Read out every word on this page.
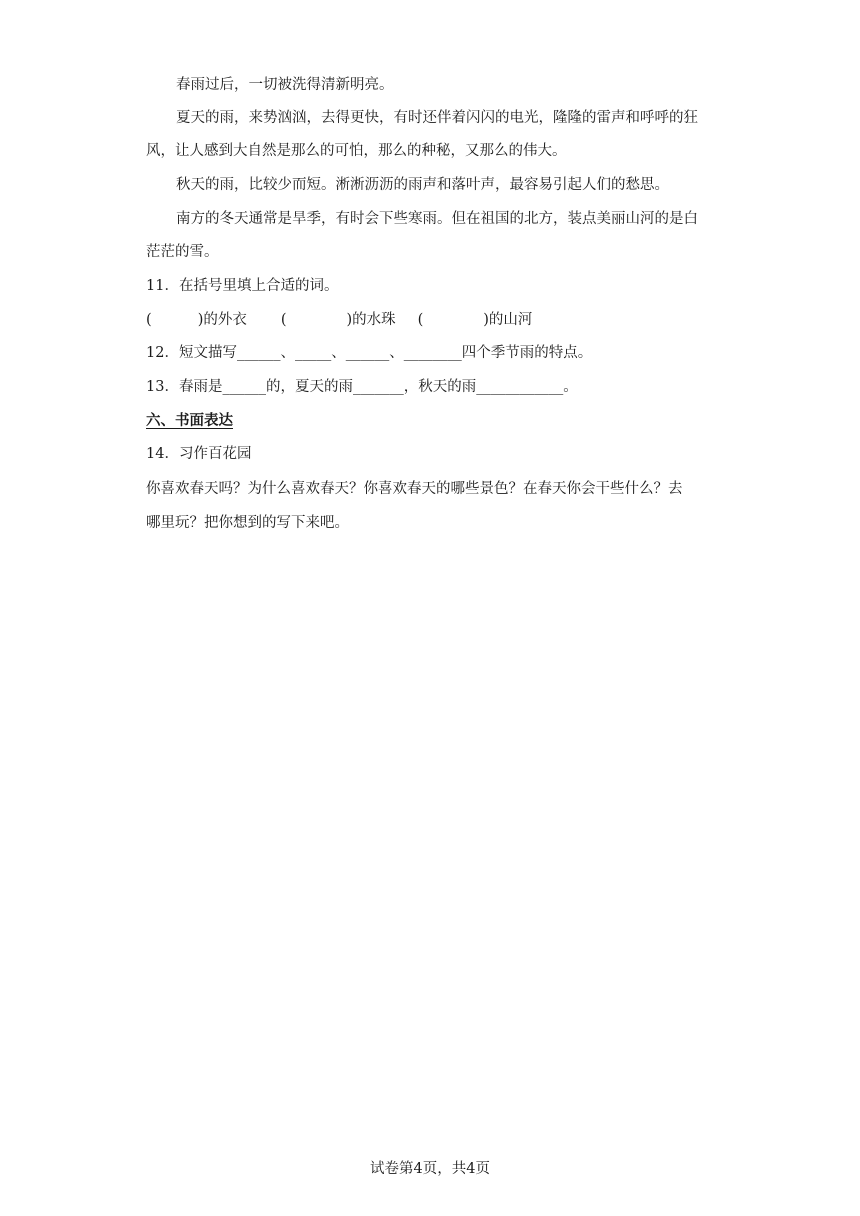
春雨过后，一切被洗得清新明亮。
夏天的雨，来势汹汹，去得更快，有时还伴着闪闪的电光，隆隆的雷声和呼呼的狂
风，让人感到大自然是那么的可怕，那么的种秘，又那么的伟大。
秋天的雨，比较少而短。淅淅沥沥的雨声和落叶声，最容易引起人们的愁思。
南方的冬天通常是旱季，有时会下些寒雨。但在祖国的北方，装点美丽山河的是白
茫茫的雪。
11．在括号里填上合适的词。
(          )的外衣 (             )的水珠 (             )的山河
12．短文描写______、_____、______、________四个季节雨的特点。
13．春雨是______的，夏天的雨_______，秋天的雨____________。
六、书面表达
14．习作百花园
你喜欢春天吗？为什么喜欢春天？你喜欢春天的哪些景色？在春天你会干些什么？去
哪里玩？把你想到的写下来吧。
试卷第4页，共4页
